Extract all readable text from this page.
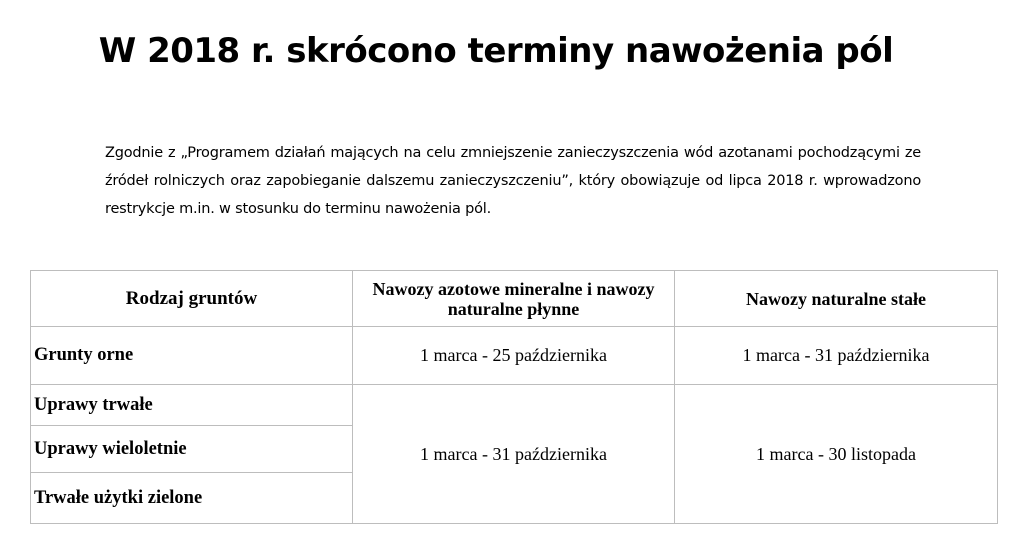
W 2018 r. skrócono terminy nawożenia pól

Zgodnie z „Programem działań mających na celu zmniejszenie zanieczyszczenia wód azotanami pochodzącymi ze źródeł rolniczych oraz zapobieganie dalszemu zanieczyszczeniu”, który obowiązuje od lipca 2018 r. wprowadzono restrykcje m.in. w stosunku do terminu nawożenia pól.

Rodzaj gruntów	Nawozy azotowe mineralne i nawozy naturalne płynne	Nawozy naturalne stałe
Grunty orne	1 marca - 25 października	1 marca - 31 października
Uprawy trwałe	1 marca - 31 października	1 marca - 30 listopada
Uprawy wieloletnie		
Trwałe użytki zielone		
